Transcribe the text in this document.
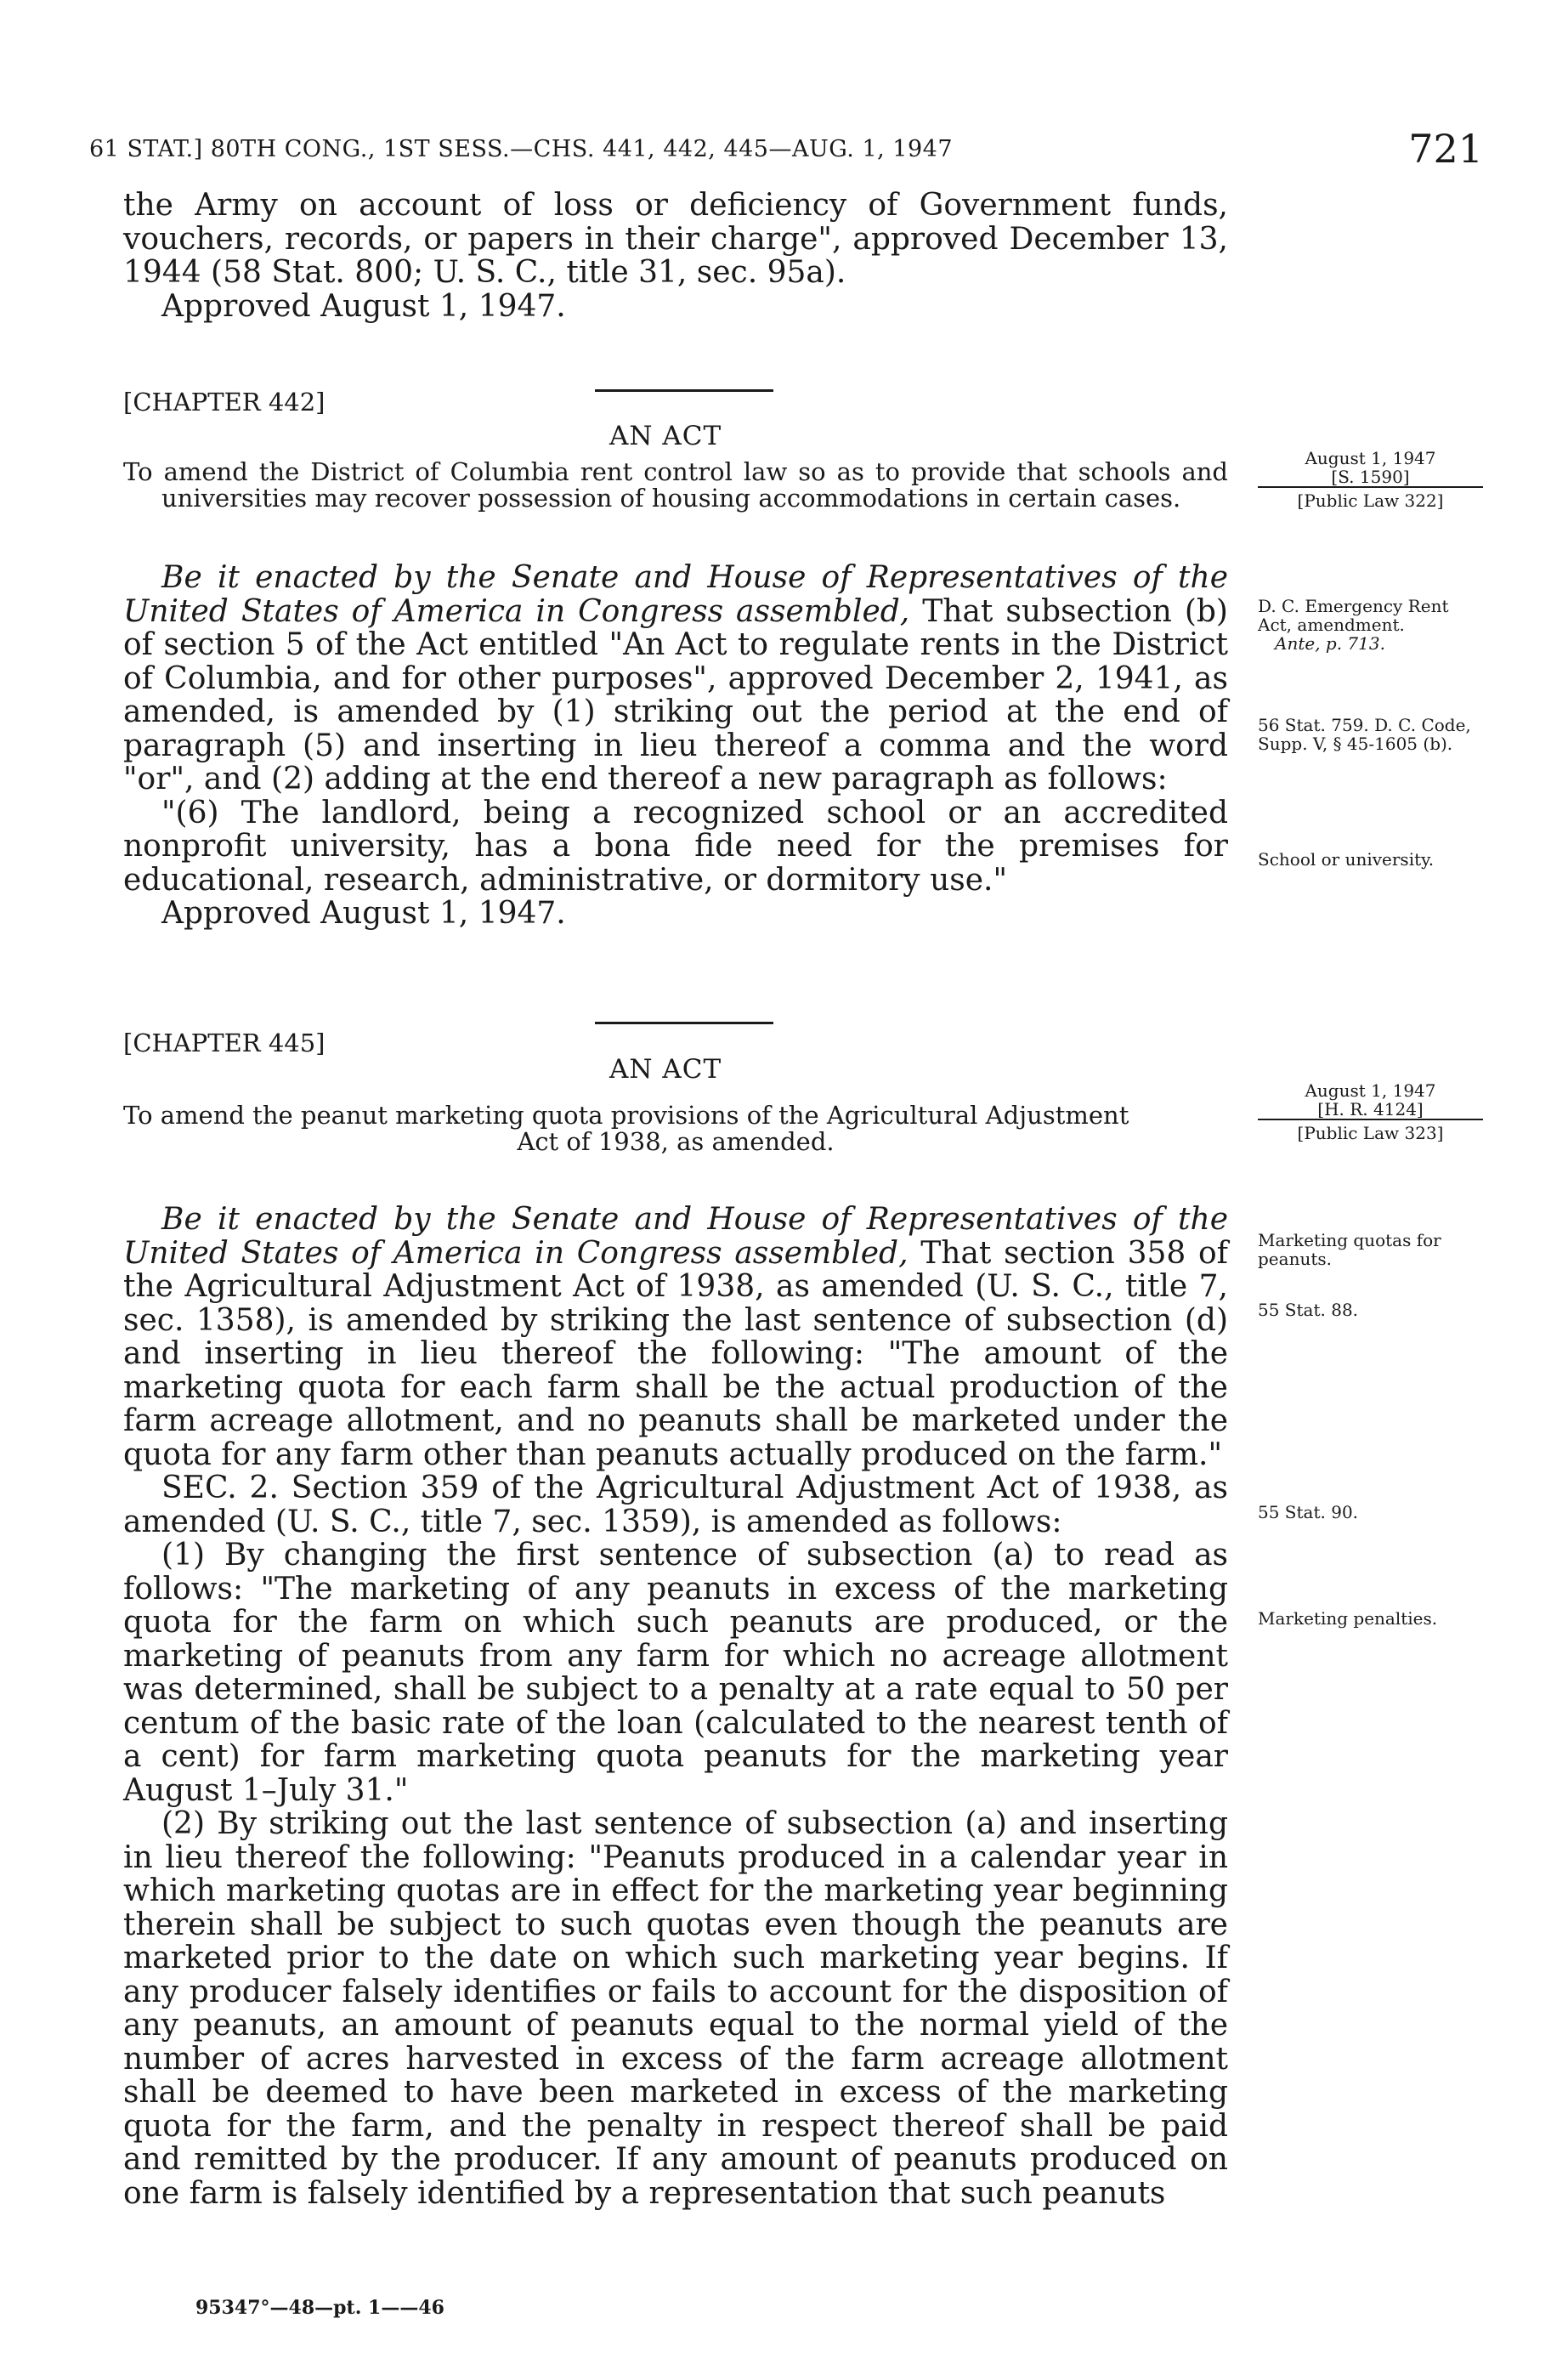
61 STAT.] 80TH CONG., 1ST SESS.—CHS. 441, 442, 445—AUG. 1, 1947	721

the Army on account of loss or deficiency of Government funds, vouchers, records, or papers in their charge", approved December 13, 1944 (58 Stat. 800; U. S. C., title 31, sec. 95a).

Approved August 1, 1947.

[CHAPTER 442]
AN ACT

To amend the District of Columbia rent control law so as to provide that schools and universities may recover possession of housing accommodations in certain cases.

August 1, 1947

[S. 1590]

[Public Law 322]

Be it enacted by the Senate and House of Representatives of the United States of America in Congress assembled, That subsection (b) of section 5 of the Act entitled "An Act to regulate rents in the District of Columbia, and for other purposes", approved December 2, 1941, as amended, is amended by (1) striking out the period at the end of paragraph (5) and inserting in lieu thereof a comma and the word "or", and (2) adding at the end thereof a new paragraph as follows:

"(6) The landlord, being a recognized school or an accredited nonprofit university, has a bona fide need for the premises for educational, research, administrative, or dormitory use."

Approved August 1, 1947.

D. C. Emergency Rent Act, amendment.

Ante, p. 713.

56 Stat. 759. D. C. Code, Supp. V, § 45-1605 (b).

School or university.

[CHAPTER 445]
AN ACT

To amend the peanut marketing quota provisions of the Agricultural Adjustment

Act of 1938, as amended.

August 1, 1947

[H. R. 4124]

[Public Law 323]

Be it enacted by the Senate and House of Representatives of the United States of America in Congress assembled, That section 358 of the Agricultural Adjustment Act of 1938, as amended (U. S. C., title 7, sec. 1358), is amended by striking the last sentence of subsection (d) and inserting in lieu thereof the following: "The amount of the marketing quota for each farm shall be the actual production of the farm acreage allotment, and no peanuts shall be marketed under the quota for any farm other than peanuts actually produced on the farm."

SEC. 2. Section 359 of the Agricultural Adjustment Act of 1938, as amended (U. S. C., title 7, sec. 1359), is amended as follows:

(1) By changing the first sentence of subsection (a) to read as follows: "The marketing of any peanuts in excess of the marketing quota for the farm on which such peanuts are produced, or the marketing of peanuts from any farm for which no acreage allotment was determined, shall be subject to a penalty at a rate equal to 50 per centum of the basic rate of the loan (calculated to the nearest tenth of a cent) for farm marketing quota peanuts for the marketing year August 1–July 31."

(2) By striking out the last sentence of subsection (a) and inserting in lieu thereof the following: "Peanuts produced in a calendar year in which marketing quotas are in effect for the marketing year beginning therein shall be subject to such quotas even though the peanuts are marketed prior to the date on which such marketing year begins. If any producer falsely identifies or fails to account for the disposition of any peanuts, an amount of peanuts equal to the normal yield of the number of acres harvested in excess of the farm acreage allotment shall be deemed to have been marketed in excess of the marketing quota for the farm, and the penalty in respect thereof shall be paid and remitted by the producer. If any amount of peanuts produced on one farm is falsely identified by a representation that such peanuts

Marketing quotas for peanuts.

55 Stat. 88.

55 Stat. 90.

Marketing penalties.

95347°—48—pt. 1——46
